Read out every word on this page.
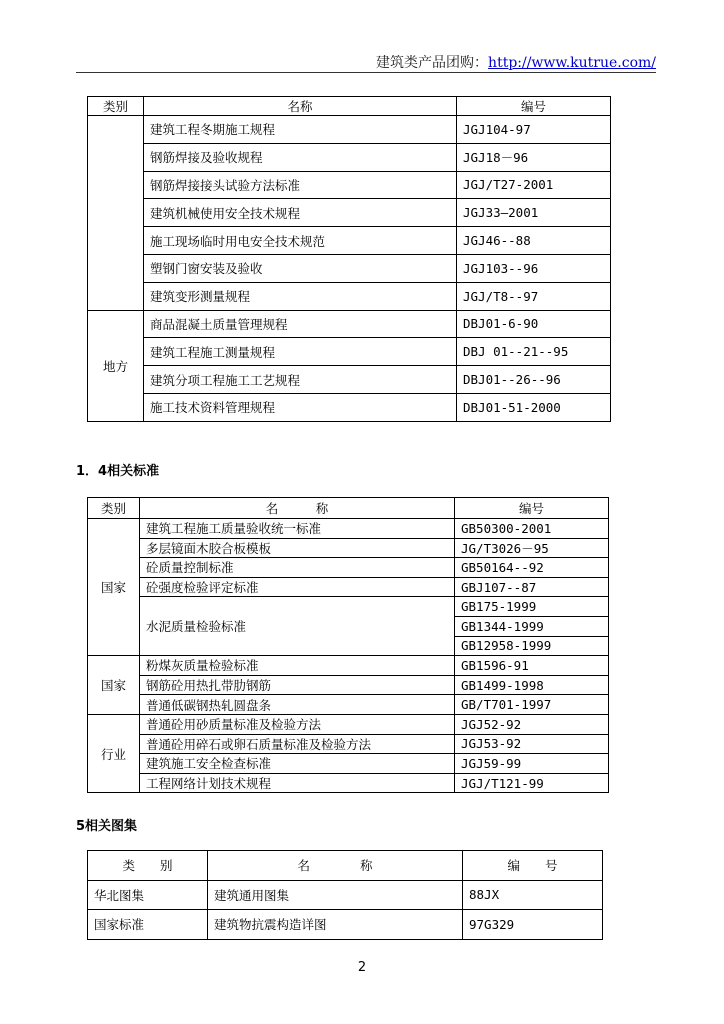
建筑类产品团购：http://www.kutrue.com/
类别	名称	编号
	建筑工程冬期施工规程	JGJ104-97
	钢筋焊接及验收规程	JGJ18－96
	钢筋焊接接头试验方法标准	JGJ/T27-2001
	建筑机械使用安全技术规程	JGJ33—2001
	施工现场临时用电安全技术规范	JGJ46--88
	塑钢门窗安装及验收	JGJ103--96
	建筑变形测量规程	JGJ/T8--97
地方	商品混凝土质量管理规程	DBJ01-6-90
	建筑工程施工测量规程	DBJ 01--21--95
	建筑分项工程施工工艺规程	DBJ01--26--96
	施工技术资料管理规程	DBJ01-51-2000
1．4相关标准
类别	名　　　称	编号
国家	建筑工程施工质量验收统一标准	GB50300-2001
	多层镜面木胶合板模板	JG/T3026－95
	砼质量控制标准	GB50164--92
	砼强度检验评定标准	GBJ107--87
	水泥质量检验标准	GB175-1999
		GB1344-1999
		GB12958-1999
国家	粉煤灰质量检验标准	GB1596-91
	钢筋砼用热扎带肋钢筋	GB1499-1998
	普通低碳钢热轧圆盘条	GB/T701-1997
行业	普通砼用砂质量标准及检验方法	JGJ52-92
	普通砼用碎石或卵石质量标准及检验方法	JGJ53-92
	建筑施工安全检查标准	JGJ59-99
	工程网络计划技术规程	JGJ/T121-99
5相关图集
类　　别	名　　　　称	编　　号
华北图集	建筑通用图集	88JX
国家标准	建筑物抗震构造详图	97G329
2
